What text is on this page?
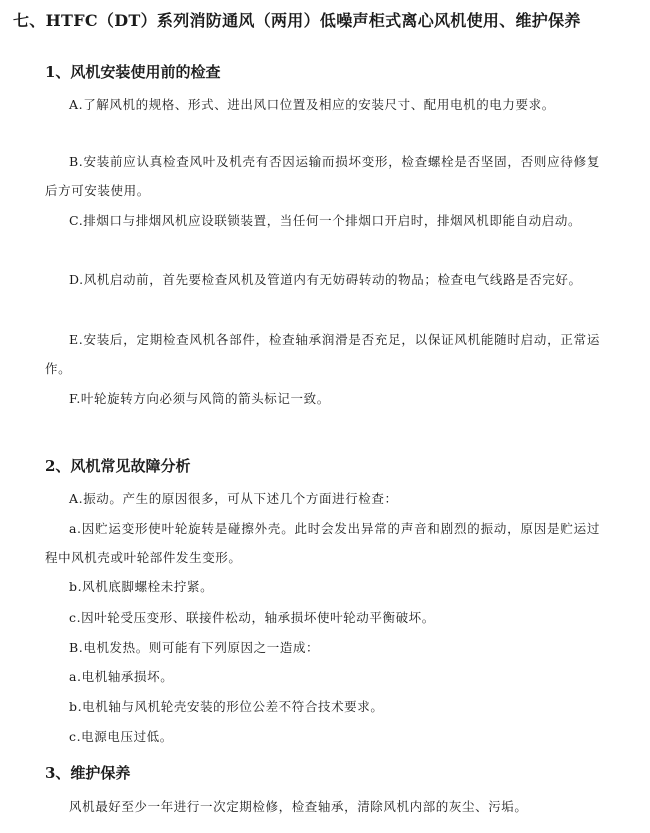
七、HTFC（DT）系列消防通风（两用）低噪声柜式离心风机使用、维护保养
1、风机安装使用前的检查
A.了解风机的规格、形式、进出风口位置及相应的安装尺寸、配用电机的电力要求。
B.安装前应认真检查风叶及机壳有否因运输而损坏变形，检查螺栓是否坚固，否则应待修复后方可安装使用。
C.排烟口与排烟风机应设联锁装置，当任何一个排烟口开启时，排烟风机即能自动启动。
D.风机启动前，首先要检查风机及管道内有无妨碍转动的物品；检查电气线路是否完好。
E.安装后，定期检查风机各部件，检查轴承润滑是否充足，以保证风机能随时启动，正常运作。
F.叶轮旋转方向必须与风筒的箭头标记一致。
2、风机常见故障分析
A.振动。产生的原因很多，可从下述几个方面进行检查：
a.因贮运变形使叶轮旋转是碰擦外壳。此时会发出异常的声音和剧烈的振动，原因是贮运过程中风机壳或叶轮部件发生变形。
b.风机底脚螺栓未拧紧。
c.因叶轮受压变形、联接件松动，轴承损坏使叶轮动平衡破坏。
B.电机发热。则可能有下列原因之一造成：
a.电机轴承损坏。
b.电机轴与风机轮壳安装的形位公差不符合技术要求。
c.电源电压过低。
3、维护保养
风机最好至少一年进行一次定期检修，检查轴承，清除风机内部的灰尘、污垢。
